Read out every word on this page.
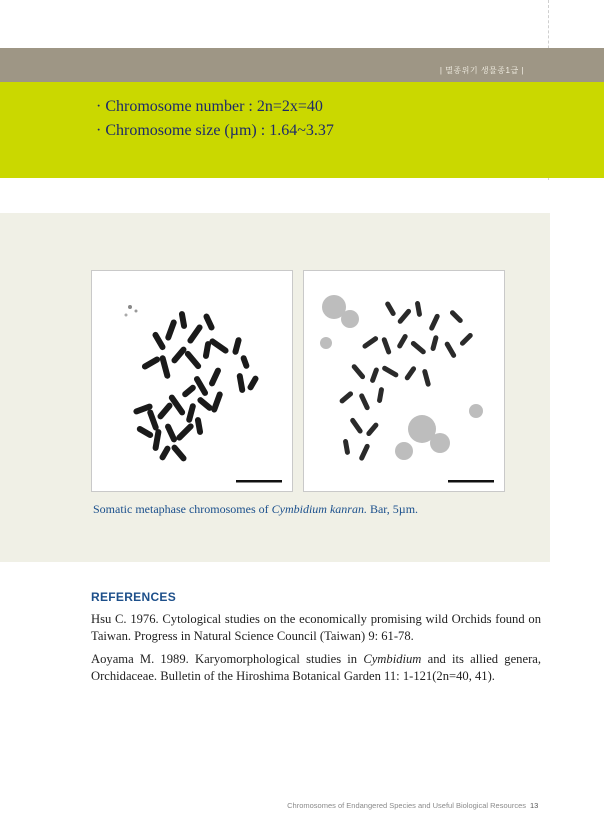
| 멸종위기 생물종1급 |
· Chromosome number : 2n=2x=40
· Chromosome size (µm) : 1.64~3.37
Somatic metaphase chromosomes of Cymbidium kanran. Bar, 5µm.
REFERENCES
Hsu C. 1976. Cytological studies on the economically promising wild Orchids found on Taiwan. Progress in Natural Science Council (Taiwan) 9: 61-78.
Aoyama M. 1989. Karyomorphological studies in Cymbidium and its allied genera, Orchidaceae. Bulletin of the Hiroshima Botanical Garden 11: 1-121(2n=40, 41).
Chromosomes of Endangered Species and Useful Biological Resources 13
